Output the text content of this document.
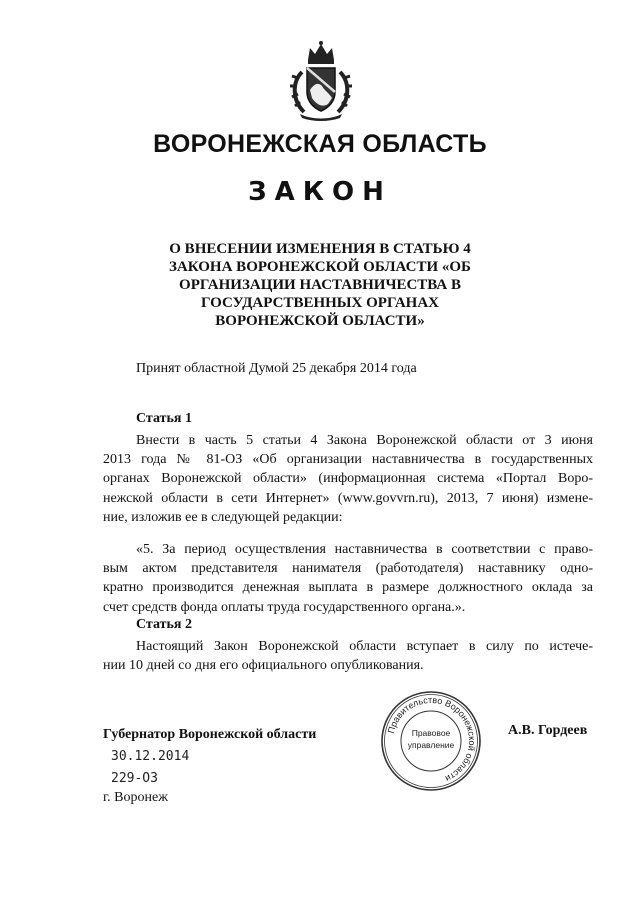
ВОРОНЕЖСКАЯ ОБЛАСТЬ
ЗАКОН
О ВНЕСЕНИИ ИЗМЕНЕНИЯ В СТАТЬЮ 4
ЗАКОНА ВОРОНЕЖСКОЙ ОБЛАСТИ «ОБ
ОРГАНИЗАЦИИ НАСТАВНИЧЕСТВА В
ГОСУДАРСТВЕННЫХ ОРГАНАХ
ВОРОНЕЖСКОЙ ОБЛАСТИ»
Принят областной Думой 25 декабря 2014 года
Статья 1
Внести в часть 5 статьи 4 Закона Воронежской области от 3 июня
2013 года № 81-ОЗ «Об организации наставничества в государственных
органах Воронежской области» (информационная система «Портал Воро-
нежской области в сети Интернет» (www.govvrn.ru), 2013, 7 июня) измене-
ние, изложив ее в следующей редакции:
«5. За период осуществления наставничества в соответствии с право-
вым актом представителя нанимателя (работодателя) наставнику одно-
кратно производится денежная выплата в размере должностного оклада за
счет средств фонда оплаты труда государственного органа.».
Статья 2
Настоящий Закон Воронежской области вступает в силу по истече-
нии 10 дней со дня его официального опубликования.
Губернатор Воронежской области	А.В. Гордеев
30.12.2014
229-ОЗ
г. Воронеж
Правительство Воронежской области
Правовое
управление
